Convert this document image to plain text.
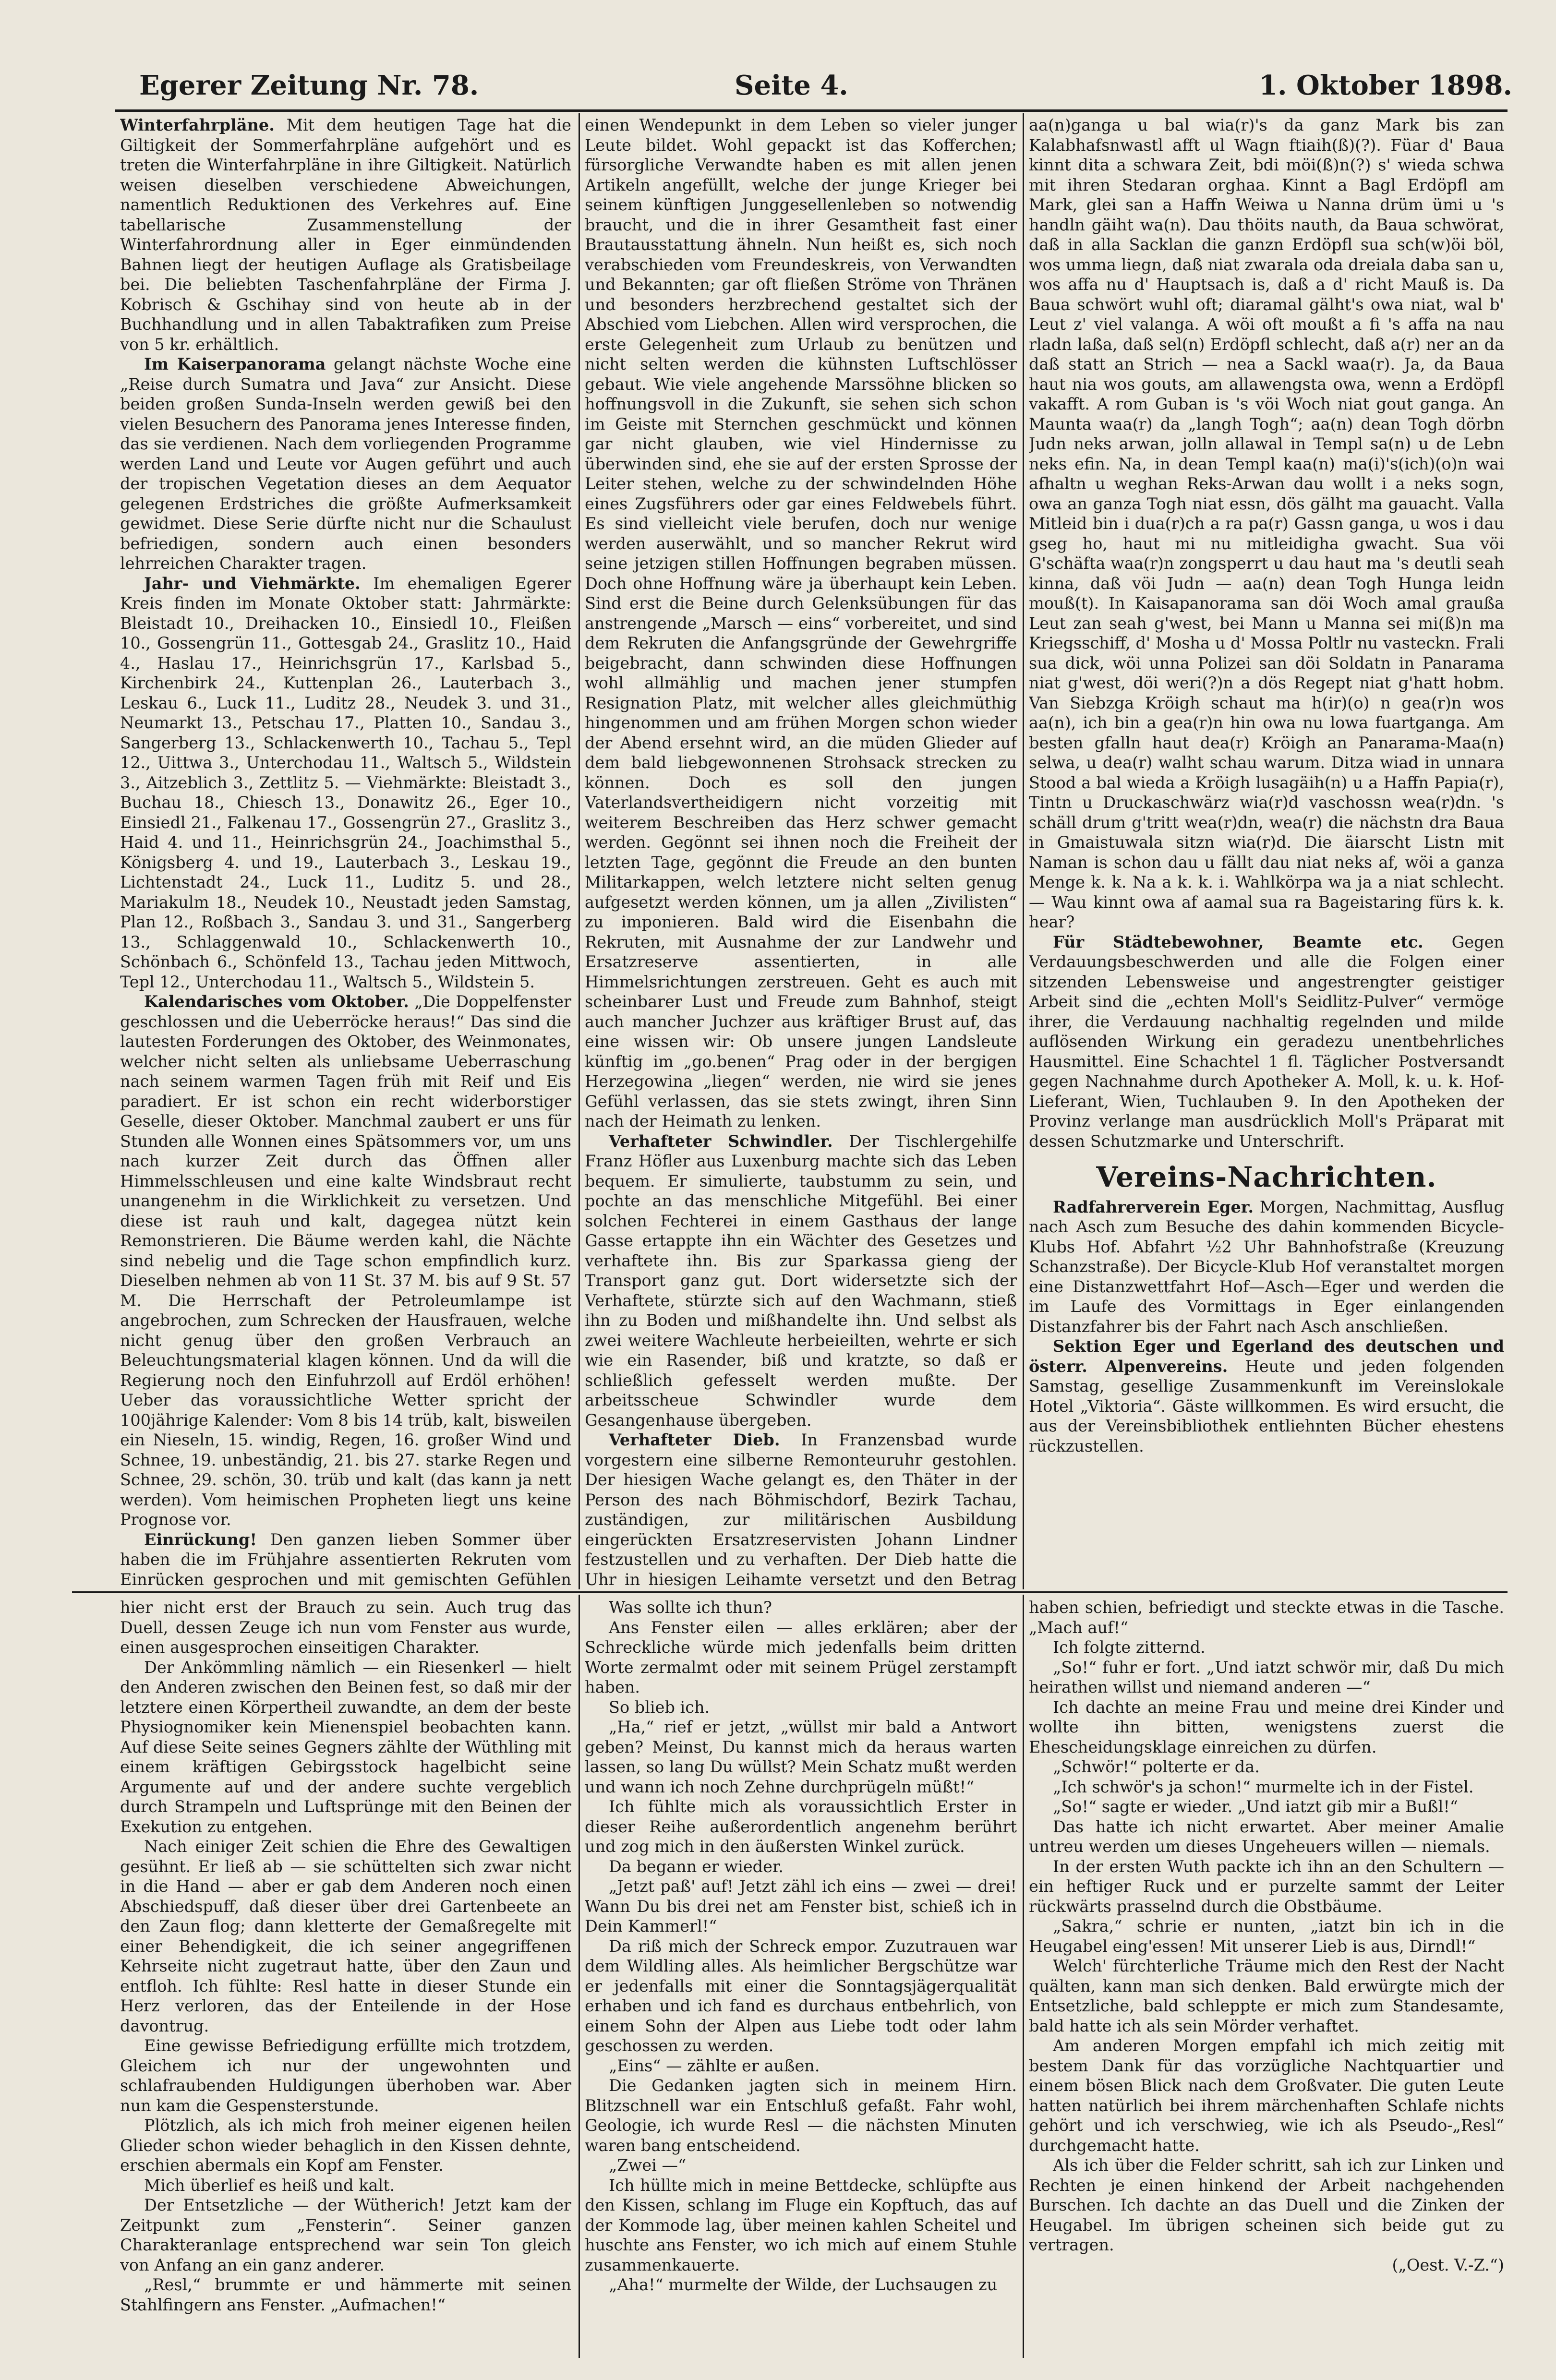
Egerer Zeitung Nr. 78.	Seite 4.	1. Oktober 1898.

Winterfahrpläne. Mit dem heutigen Tage hat die Giltigkeit der Sommerfahrpläne aufgehört und es treten die Winterfahrpläne in ihre Giltigkeit. Natürlich weisen dieselben verschiedene Abweichungen, namentlich Reduktionen des Verkehres auf. Eine tabellarische Zusammenstellung der Winterfahrordnung aller in Eger einmündenden Bahnen liegt der heutigen Auflage als Gratisbeilage bei. Die beliebten Taschenfahrpläne der Firma J. Kobrisch & Gschihay sind von heute ab in der Buchhandlung und in allen Tabaktrafiken zum Preise von 5 kr. erhältlich.

Im Kaiserpanorama gelangt nächste Woche eine „Reise durch Sumatra und Java“ zur Ansicht. Diese beiden großen Sunda-Inseln werden gewiß bei den vielen Besuchern des Panorama jenes Interesse finden, das sie verdienen. Nach dem vorliegenden Programme werden Land und Leute vor Augen geführt und auch der tropischen Vegetation dieses an dem Aequator gelegenen Erdstriches die größte Aufmerksamkeit gewidmet. Diese Serie dürfte nicht nur die Schaulust befriedigen, sondern auch einen besonders lehrreichen Charakter tragen.

Jahr- und Viehmärkte. Im ehemaligen Egerer Kreis finden im Monate Oktober statt: Jahrmärkte: Bleistadt 10., Dreihacken 10., Einsiedl 10., Fleißen 10., Gossengrün 11., Gottesgab 24., Graslitz 10., Haid 4., Haslau 17., Heinrichsgrün 17., Karlsbad 5., Kirchenbirk 24., Kuttenplan 26., Lauterbach 3., Leskau 6., Luck 11., Luditz 28., Neudek 3. und 31., Neumarkt 13., Petschau 17., Platten 10., Sandau 3., Sangerberg 13., Schlackenwerth 10., Tachau 5., Tepl 12., Uittwa 3., Unterchodau 11., Waltsch 5., Wildstein 3., Aitzeblich 3., Zettlitz 5. — Viehmärkte: Bleistadt 3., Buchau 18., Chiesch 13., Donawitz 26., Eger 10., Einsiedl 21., Falkenau 17., Gossengrün 27., Graslitz 3., Haid 4. und 11., Heinrichsgrün 24., Joachimsthal 5., Königsberg 4. und 19., Lauterbach 3., Leskau 19., Lichtenstadt 24., Luck 11., Luditz 5. und 28., Mariakulm 18., Neudek 10., Neustadt jeden Samstag, Plan 12., Roßbach 3., Sandau 3. und 31., Sangerberg 13., Schlaggenwald 10., Schlackenwerth 10., Schönbach 6., Schönfeld 13., Tachau jeden Mittwoch, Tepl 12., Unterchodau 11., Waltsch 5., Wildstein 5.

Kalendarisches vom Oktober. „Die Doppelfenster geschlossen und die Ueberröcke heraus!“ Das sind die lautesten Forderungen des Oktober, des Weinmonates, welcher nicht selten als unliebsame Ueberraschung nach seinem warmen Tagen früh mit Reif und Eis paradiert. Er ist schon ein recht widerborstiger Geselle, dieser Oktober. Manchmal zaubert er uns für Stunden alle Wonnen eines Spätsommers vor, um uns nach kurzer Zeit durch das Öffnen aller Himmelsschleusen und eine kalte Windsbraut recht unangenehm in die Wirklichkeit zu versetzen. Und diese ist rauh und kalt, dagegea nützt kein Remonstrieren. Die Bäume werden kahl, die Nächte sind nebelig und die Tage schon empfindlich kurz. Dieselben nehmen ab von 11 St. 37 M. bis auf 9 St. 57 M. Die Herrschaft der Petroleumlampe ist angebrochen, zum Schrecken der Hausfrauen, welche nicht genug über den großen Verbrauch an Beleuchtungsmaterial klagen können. Und da will die Regierung noch den Einfuhrzoll auf Erdöl erhöhen! Ueber das voraussichtliche Wetter spricht der 100jährige Kalender: Vom 8 bis 14 trüb, kalt, bisweilen ein Nieseln, 15. windig, Regen, 16. großer Wind und Schnee, 19. unbeständig, 21. bis 27. starke Regen und Schnee, 29. schön, 30. trüb und kalt (das kann ja nett werden). Vom heimischen Propheten liegt uns keine Prognose vor.

Einrückung! Den ganzen lieben Sommer über haben die im Frühjahre assentierten Rekruten vom Einrücken gesprochen und mit gemischten Gefühlen

einen Wendepunkt in dem Leben so vieler junger Leute bildet. Wohl gepackt ist das Kofferchen; fürsorgliche Verwandte haben es mit allen jenen Artikeln angefüllt, welche der junge Krieger bei seinem künftigen Junggesellenleben so notwendig braucht, und die in ihrer Gesamtheit fast einer Brautausstattung ähneln. Nun heißt es, sich noch verabschieden vom Freundeskreis, von Verwandten und Bekannten; gar oft fließen Ströme von Thränen und besonders herzbrechend gestaltet sich der Abschied vom Liebchen. Allen wird versprochen, die erste Gelegenheit zum Urlaub zu benützen und nicht selten werden die kühnsten Luftschlösser gebaut. Wie viele angehende Marssöhne blicken so hoffnungsvoll in die Zukunft, sie sehen sich schon im Geiste mit Sternchen geschmückt und können gar nicht glauben, wie viel Hindernisse zu überwinden sind, ehe sie auf der ersten Sprosse der Leiter stehen, welche zu der schwindelnden Höhe eines Zugsführers oder gar eines Feldwebels führt. Es sind vielleicht viele berufen, doch nur wenige werden auserwählt, und so mancher Rekrut wird seine jetzigen stillen Hoffnungen begraben müssen. Doch ohne Hoffnung wäre ja überhaupt kein Leben. Sind erst die Beine durch Gelenksübungen für das anstrengende „Marsch — eins“ vorbereitet, und sind dem Rekruten die Anfangsgründe der Gewehrgriffe beigebracht, dann schwinden diese Hoffnungen wohl allmählig und machen jener stumpfen Resignation Platz, mit welcher alles gleichmüthig hingenommen und am frühen Morgen schon wieder der Abend ersehnt wird, an die müden Glieder auf dem bald liebgewonnenen Strohsack strecken zu können. Doch es soll den jungen Vaterlandsvertheidigern nicht vorzeitig mit weiterem Beschreiben das Herz schwer gemacht werden. Gegönnt sei ihnen noch die Freiheit der letzten Tage, gegönnt die Freude an den bunten Militarkappen, welch letztere nicht selten genug aufgesetzt werden können, um ja allen „Zivilisten“ zu imponieren. Bald wird die Eisenbahn die Rekruten, mit Ausnahme der zur Landwehr und Ersatzreserve assentierten, in alle Himmelsrichtungen zerstreuen. Geht es auch mit scheinbarer Lust und Freude zum Bahnhof, steigt auch mancher Juchzer aus kräftiger Brust auf, das eine wissen wir: Ob unsere jungen Landsleute künftig im „go.benen“ Prag oder in der bergigen Herzegowina „liegen“ werden, nie wird sie jenes Gefühl verlassen, das sie stets zwingt, ihren Sinn nach der Heimath zu lenken.

Verhafteter Schwindler. Der Tischlergehilfe Franz Höfler aus Luxenburg machte sich das Leben bequem. Er simulierte, taubstumm zu sein, und pochte an das menschliche Mitgefühl. Bei einer solchen Fechterei in einem Gasthaus der lange Gasse ertappte ihn ein Wächter des Gesetzes und verhaftete ihn. Bis zur Sparkassa gieng der Transport ganz gut. Dort widersetzte sich der Verhaftete, stürzte sich auf den Wachmann, stieß ihn zu Boden und mißhandelte ihn. Und selbst als zwei weitere Wachleute herbeieilten, wehrte er sich wie ein Rasender, biß und kratzte, so daß er schließlich gefesselt werden mußte. Der arbeitsscheue Schwindler wurde dem Gesangenhause übergeben.

Verhafteter Dieb. In Franzensbad wurde vorgestern eine silberne Remonteuruhr gestohlen. Der hiesigen Wache gelangt es, den Thäter in der Person des nach Böhmischdorf, Bezirk Tachau, zuständigen, zur militärischen Ausbildung eingerückten Ersatzreservisten Johann Lindner festzustellen und zu verhaften. Der Dieb hatte die Uhr in hiesigen Leihamte versetzt und den Betrag

aa(n)ganga u bal wia(r)'s da ganz Mark bis zan Kalabhafsnwastl afft ul Wagn ftiaih(ß)(?). Füar d' Baua kinnt dita a schwara Zeit, bdi möi(ß)n(?) s' wieda schwa mit ihren Stedaran orghaa. Kinnt a Bagl Erdöpfl am Mark, glei san a Haffn Weiwa u Nanna drüm ümi u 's handln gäiht wa(n). Dau thöits nauth, da Baua schwörat, daß in alla Sacklan die ganzn Erdöpfl sua sch(w)öi böl, wos umma liegn, daß niat zwarala oda dreiala daba san u, wos affa nu d' Hauptsach is, daß a d' richt Mauß is. Da Baua schwört wuhl oft; diaramal gälht's owa niat, wal b' Leut z' viel valanga. A wöi oft moußt a fi 's affa na nau rladn laßa, daß sel(n) Erdöpfl schlecht, daß a(r) ner an da daß statt an Strich — nea a Sackl waa(r). Ja, da Baua haut nia wos gouts, am allawengsta owa, wenn a Erdöpfl vakafft. A rom Guban is 's vöi Woch niat gout ganga. An Maunta waa(r) da „langh Togh“; aa(n) dean Togh dörbn Judn neks arwan, jolln allawal in Templ sa(n) u de Lebn neks efin. Na, in dean Templ kaa(n) ma(i)'s(ich)(o)n wai afhaltn u weghan Reks-Arwan dau wollt i a neks sogn, owa an ganza Togh niat essn, dös gälht ma gauacht. Valla Mitleid bin i dua(r)ch a ra pa(r) Gassn ganga, u wos i dau gseg ho, haut mi nu mitleidigha gwacht. Sua vöi G'schäfta waa(r)n zongsperrt u dau haut ma 's deutli seah kinna, daß vöi Judn — aa(n) dean Togh Hunga leidn mouß(t). In Kaisapanorama san döi Woch amal graußa Leut zan seah g'west, bei Mann u Manna sei mi(ß)n ma Kriegsschiff, d' Mosha u d' Mossa Poltlr nu vasteckn. Frali sua dick, wöi unna Polizei san döi Soldatn in Panarama niat g'west, döi weri(?)n a dös Regept niat g'hatt hobm. Van Siebzga Kröigh schaut ma h(ir)(o) n gea(r)n wos aa(n), ich bin a gea(r)n hin owa nu lowa fuartganga. Am besten gfalln haut dea(r) Kröigh an Panarama-Maa(n) selwa, u dea(r) walht schau warum. Ditza wiad in unnara Stood a bal wieda a Kröigh lusagäih(n) u a Haffn Papia(r), Tintn u Druckaschwärz wia(r)d vaschossn wea(r)dn. 's schäll drum g'tritt wea(r)dn, wea(r) die nächstn dra Baua in Gmaistuwala sitzn wia(r)d. Die äiarscht Listn mit Naman is schon dau u fällt dau niat neks af, wöi a ganza Menge k. k. Na a k. k. i. Wahlkörpa wa ja a niat schlecht. — Wau kinnt owa af aamal sua ra Bageistaring fürs k. k. hear?

Für Städtebewohner, Beamte etc. Gegen Verdauungsbeschwerden und alle die Folgen einer sitzenden Lebensweise und angestrengter geistiger Arbeit sind die „echten Moll's Seidlitz-Pulver“ vermöge ihrer, die Verdauung nachhaltig regelnden und milde auflösenden Wirkung ein geradezu unentbehrliches Hausmittel. Eine Schachtel 1 fl. Täglicher Postversandt gegen Nachnahme durch Apotheker A. Moll, k. u. k. Hof-Lieferant, Wien, Tuchlauben 9. In den Apotheken der Provinz verlange man ausdrücklich Moll's Präparat mit dessen Schutzmarke und Unterschrift.

Vereins-Nachrichten.

Radfahrerverein Eger. Morgen, Nachmittag, Ausflug nach Asch zum Besuche des dahin kommenden Bicycle-Klubs Hof. Abfahrt ½2 Uhr Bahnhofstraße (Kreuzung Schanzstraße). Der Bicycle-Klub Hof veranstaltet morgen eine Distanzwettfahrt Hof—Asch—Eger und werden die im Laufe des Vormittags in Eger einlangenden Distanzfahrer bis der Fahrt nach Asch anschließen.

Sektion Eger und Egerland des deutschen und österr. Alpenvereins. Heute und jeden folgenden Samstag, gesellige Zusammenkunft im Vereinslokale Hotel „Viktoria“. Gäste willkommen. Es wird ersucht, die aus der Vereinsbibliothek entliehnten Bücher ehestens rückzustellen.

hier nicht erst der Brauch zu sein. Auch trug das Duell, dessen Zeuge ich nun vom Fenster aus wurde, einen ausgesprochen einseitigen Charakter.

Der Ankömmling nämlich — ein Riesenkerl — hielt den Anderen zwischen den Beinen fest, so daß mir der letztere einen Körpertheil zuwandte, an dem der beste Physiognomiker kein Mienenspiel beobachten kann. Auf diese Seite seines Gegners zählte der Wüthling mit einem kräftigen Gebirgsstock hagelbicht seine Argumente auf und der andere suchte vergeblich durch Strampeln und Luftsprünge mit den Beinen der Exekution zu entgehen.

Nach einiger Zeit schien die Ehre des Gewaltigen gesühnt. Er ließ ab — sie schüttelten sich zwar nicht in die Hand — aber er gab dem Anderen noch einen Abschiedspuff, daß dieser über drei Gartenbeete an den Zaun flog; dann kletterte der Gemaßregelte mit einer Behendigkeit, die ich seiner angegriffenen Kehrseite nicht zugetraut hatte, über den Zaun und entfloh. Ich fühlte: Resl hatte in dieser Stunde ein Herz verloren, das der Enteilende in der Hose davontrug.

Eine gewisse Befriedigung erfüllte mich trotzdem, Gleichem ich nur der ungewohnten und schlafraubenden Huldigungen überhoben war. Aber nun kam die Gespensterstunde.

Plötzlich, als ich mich froh meiner eigenen heilen Glieder schon wieder behaglich in den Kissen dehnte, erschien abermals ein Kopf am Fenster.

Mich überlief es heiß und kalt.

Der Entsetzliche — der Wütherich! Jetzt kam der Zeitpunkt zum „Fensterin“. Seiner ganzen Charakteranlage entsprechend war sein Ton gleich von Anfang an ein ganz anderer.

„Resl,“ brummte er und hämmerte mit seinen Stahlfingern ans Fenster. „Aufmachen!“

Was sollte ich thun?

Ans Fenster eilen — alles erklären; aber der Schreckliche würde mich jedenfalls beim dritten Worte zermalmt oder mit seinem Prügel zerstampft haben.

So blieb ich.

„Ha,“ rief er jetzt, „wüllst mir bald a Antwort geben? Meinst, Du kannst mich da heraus warten lassen, so lang Du wüllst? Mein Schatz mußt werden und wann ich noch Zehne durchprügeln müßt!“

Ich fühlte mich als voraussichtlich Erster in dieser Reihe außerordentlich angenehm berührt und zog mich in den äußersten Winkel zurück.

Da begann er wieder.

„Jetzt paß' auf! Jetzt zähl ich eins — zwei — drei! Wann Du bis drei net am Fenster bist, schieß ich in Dein Kammerl!“

Da riß mich der Schreck empor. Zuzutrauen war dem Wildling alles. Als heimlicher Bergschütze war er jedenfalls mit einer die Sonntagsjägerqualität erhaben und ich fand es durchaus entbehrlich, von einem Sohn der Alpen aus Liebe todt oder lahm geschossen zu werden.

„Eins“ — zählte er außen.

Die Gedanken jagten sich in meinem Hirn. Blitzschnell war ein Entschluß gefaßt. Fahr wohl, Geologie, ich wurde Resl — die nächsten Minuten waren bang entscheidend.

„Zwei —“

Ich hüllte mich in meine Bettdecke, schlüpfte aus den Kissen, schlang im Fluge ein Kopftuch, das auf der Kommode lag, über meinen kahlen Scheitel und huschte ans Fenster, wo ich mich auf einem Stuhle zusammenkauerte.

„Aha!“ murmelte der Wilde, der Luchsaugen zu

haben schien, befriedigt und steckte etwas in die Tasche. „Mach auf!“

Ich folgte zitternd.

„So!“ fuhr er fort. „Und iatzt schwör mir, daß Du mich heirathen willst und niemand anderen —“

Ich dachte an meine Frau und meine drei Kinder und wollte ihn bitten, wenigstens zuerst die Ehescheidungsklage einreichen zu dürfen.

„Schwör!“ polterte er da.

„Ich schwör's ja schon!“ murmelte ich in der Fistel.

„So!“ sagte er wieder. „Und iatzt gib mir a Bußl!“

Das hatte ich nicht erwartet. Aber meiner Amalie untreu werden um dieses Ungeheuers willen — niemals.

In der ersten Wuth packte ich ihn an den Schultern — ein heftiger Ruck und er purzelte sammt der Leiter rückwärts prasselnd durch die Obstbäume.

„Sakra,“ schrie er nunten, „iatzt bin ich in die Heugabel eing'essen! Mit unserer Lieb is aus, Dirndl!“

Welch' fürchterliche Träume mich den Rest der Nacht quälten, kann man sich denken. Bald erwürgte mich der Entsetzliche, bald schleppte er mich zum Standesamte, bald hatte ich als sein Mörder verhaftet.

Am anderen Morgen empfahl ich mich zeitig mit bestem Dank für das vorzügliche Nachtquartier und einem bösen Blick nach dem Großvater. Die guten Leute hatten natürlich bei ihrem märchenhaften Schlafe nichts gehört und ich verschwieg, wie ich als Pseudo-„Resl“ durchgemacht hatte.

Als ich über die Felder schritt, sah ich zur Linken und Rechten je einen hinkend der Arbeit nachgehenden Burschen. Ich dachte an das Duell und die Zinken der Heugabel. Im übrigen scheinen sich beide gut zu vertragen.

(„Oest. V.-Z.“)
